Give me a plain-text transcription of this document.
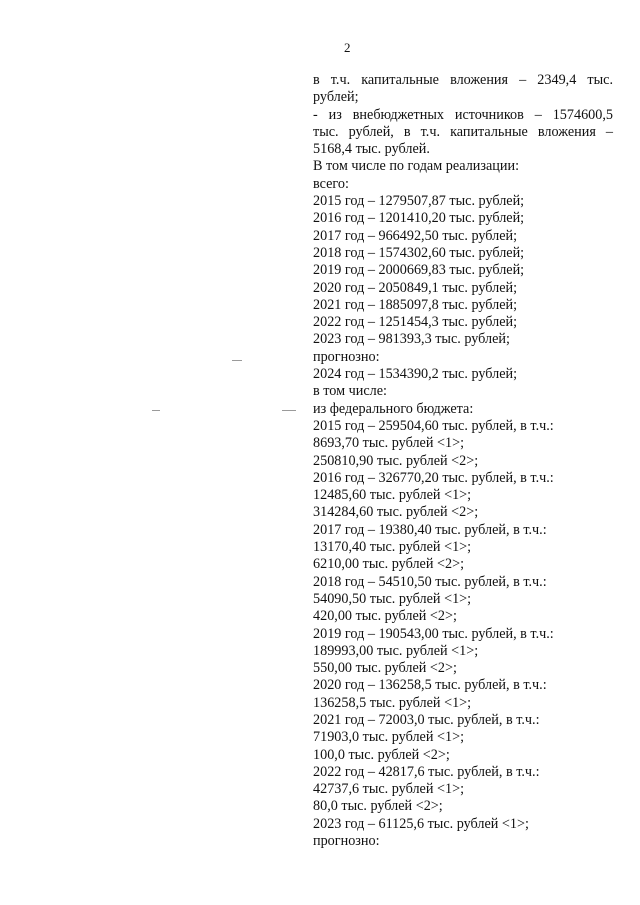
2
в т.ч. капитальные вложения – 2349,4 тыс.
рублей;
- из внебюджетных источников – 1574600,5
тыс. рублей, в т.ч. капитальные вложения –
5168,4 тыс. рублей.
В том числе по годам реализации:
всего:
2015 год – 1279507,87 тыс. рублей;
2016 год – 1201410,20 тыс. рублей;
2017 год – 966492,50 тыс. рублей;
2018 год – 1574302,60 тыс. рублей;
2019 год – 2000669,83 тыс. рублей;
2020 год – 2050849,1 тыс. рублей;
2021 год – 1885097,8 тыс. рублей;
2022 год – 1251454,3 тыс. рублей;
2023 год – 981393,3 тыс. рублей;
прогнозно:
2024 год – 1534390,2 тыс. рублей;
в том числе:
из федерального бюджета:
2015 год – 259504,60 тыс. рублей, в т.ч.:
8693,70 тыс. рублей <1>;
250810,90 тыс. рублей <2>;
2016 год – 326770,20 тыс. рублей, в т.ч.:
12485,60 тыс. рублей <1>;
314284,60 тыс. рублей <2>;
2017 год – 19380,40 тыс. рублей, в т.ч.:
13170,40 тыс. рублей <1>;
6210,00 тыс. рублей <2>;
2018 год – 54510,50 тыс. рублей, в т.ч.:
54090,50 тыс. рублей <1>;
420,00 тыс. рублей <2>;
2019 год – 190543,00 тыс. рублей, в т.ч.:
189993,00 тыс. рублей <1>;
550,00 тыс. рублей <2>;
2020 год – 136258,5 тыс. рублей, в т.ч.:
136258,5 тыс. рублей <1>;
2021 год – 72003,0 тыс. рублей, в т.ч.:
71903,0 тыс. рублей <1>;
100,0 тыс. рублей <2>;
2022 год – 42817,6 тыс. рублей, в т.ч.:
42737,6 тыс. рублей <1>;
80,0 тыс. рублей <2>;
2023 год – 61125,6 тыс. рублей <1>;
прогнозно:
